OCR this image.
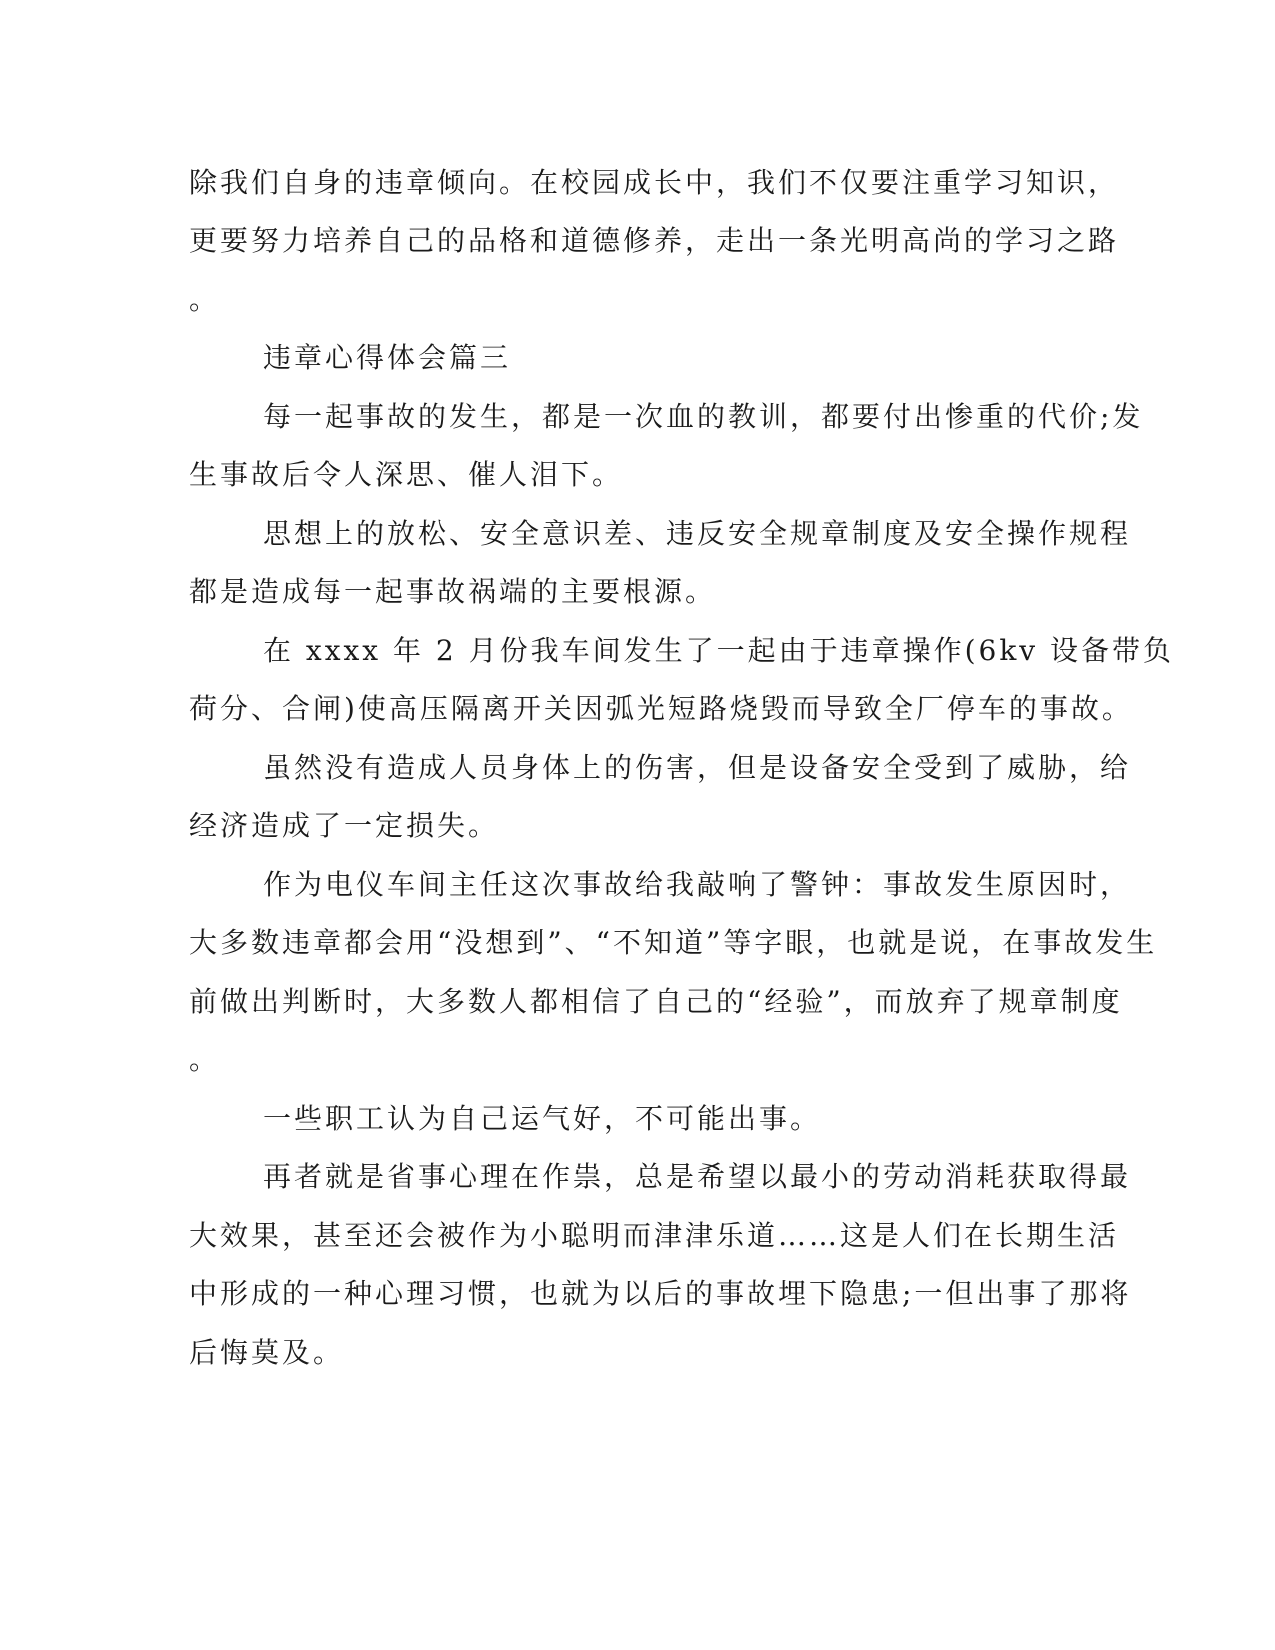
除我们自身的违章倾向。在校园成长中，我们不仅要注重学习知识，
更要努力培养自己的品格和道德修养，走出一条光明高尚的学习之路
。
违章心得体会篇三
每一起事故的发生，都是一次血的教训，都要付出惨重的代价;发
生事故后令人深思、催人泪下。
思想上的放松、安全意识差、违反安全规章制度及安全操作规程
都是造成每一起事故祸端的主要根源。
在 xxxx 年 2 月份我车间发生了一起由于违章操作(6kv 设备带负
荷分、合闸)使高压隔离开关因弧光短路烧毁而导致全厂停车的事故。
虽然没有造成人员身体上的伤害，但是设备安全受到了威胁，给
经济造成了一定损失。
作为电仪车间主任这次事故给我敲响了警钟：事故发生原因时，
大多数违章都会用“没想到”、“不知道”等字眼，也就是说，在事故发生
前做出判断时，大多数人都相信了自己的“经验”，而放弃了规章制度
。
一些职工认为自己运气好，不可能出事。
再者就是省事心理在作祟，总是希望以最小的劳动消耗获取得最
大效果，甚至还会被作为小聪明而津津乐道……这是人们在长期生活
中形成的一种心理习惯，也就为以后的事故埋下隐患;一但出事了那将
后悔莫及。
